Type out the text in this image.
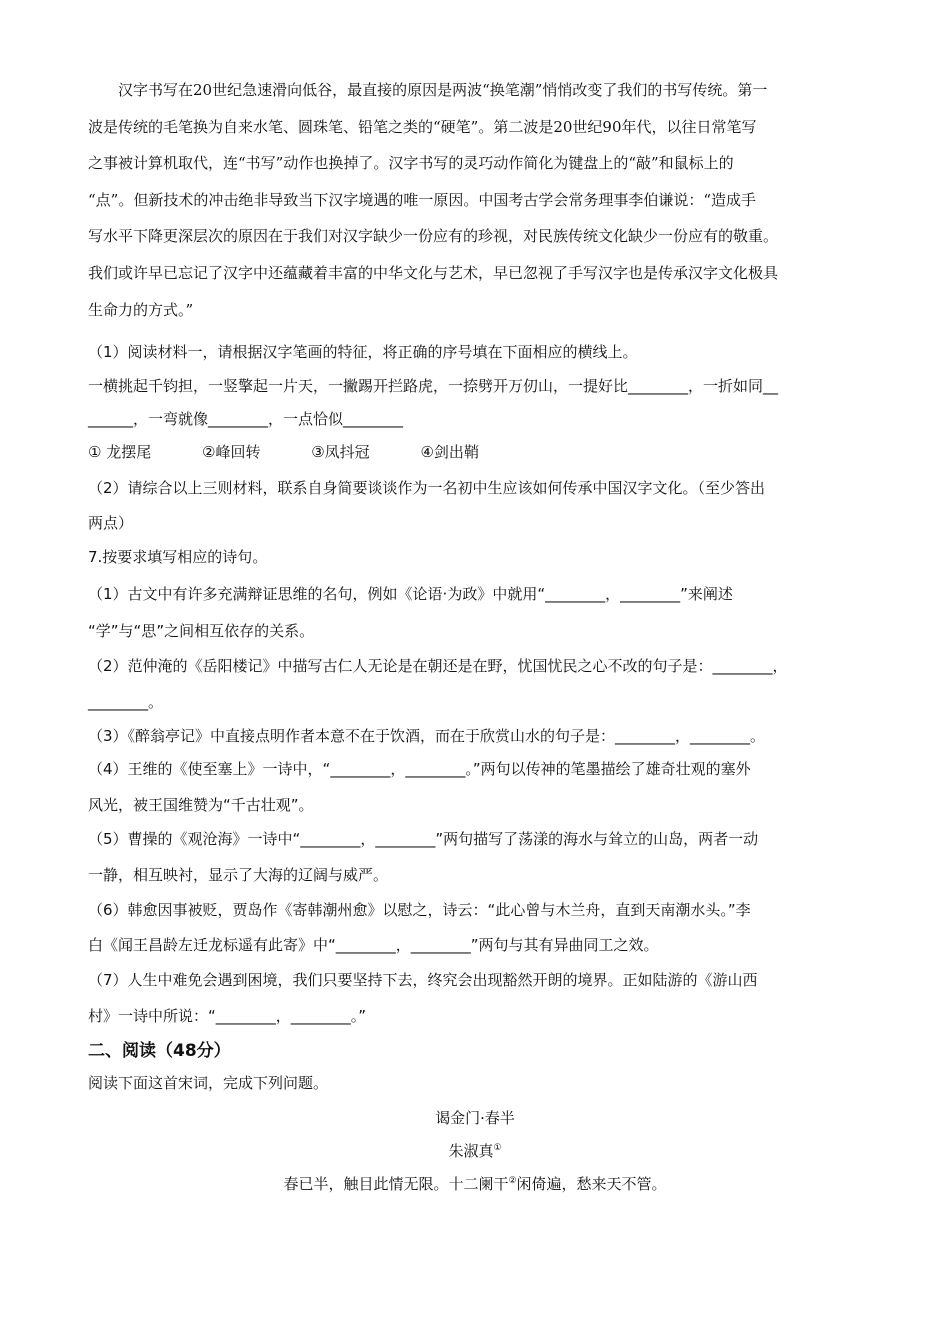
汉字书写在20世纪急速滑向低谷，最直接的原因是两波“换笔潮”悄悄改变了我们的书写传统。第一
波是传统的毛笔换为自来水笔、圆珠笔、铅笔之类的“硬笔”。第二波是20世纪90年代，以往日常笔写
之事被计算机取代，连“书写”动作也换掉了。汉字书写的灵巧动作简化为键盘上的“敲”和鼠标上的
“点”。但新技术的冲击绝非导致当下汉字境遇的唯一原因。中国考古学会常务理事李伯谦说：“造成手
写水平下降更深层次的原因在于我们对汉字缺少一份应有的珍视，对民族传统文化缺少一份应有的敬重。
我们或许早已忘记了汉字中还蕴藏着丰富的中华文化与艺术，早已忽视了手写汉字也是传承汉字文化极具
生命力的方式。”
（1）阅读材料一，请根据汉字笔画的特征，将正确的序号填在下面相应的横线上。
一横挑起千钧担，一竖擎起一片天，一撇踢开拦路虎，一捺劈开万仞山，一提好比________，一折如同__
______，一弯就像________，一点恰似________
① 龙摆尾	②峰回转	③凤抖冠	④剑出鞘
（2）请综合以上三则材料，联系自身简要谈谈作为一名初中生应该如何传承中国汉字文化。（至少答出
两点）
7.按要求填写相应的诗句。
（1）古文中有许多充满辩证思维的名句，例如《论语·为政》中就用“________，________”来阐述
“学”与“思”之间相互依存的关系。
（2）范仲淹的《岳阳楼记》中描写古仁人无论是在朝还是在野，忧国忧民之心不改的句子是：________，
________。
（3）《醉翁亭记》中直接点明作者本意不在于饮酒，而在于欣赏山水的句子是：________，________。
（4）王维的《使至塞上》一诗中，“________，________。”两句以传神的笔墨描绘了雄奇壮观的塞外
风光，被王国维赞为“千古壮观”。
（5）曹操的《观沧海》一诗中“________，________”两句描写了荡漾的海水与耸立的山岛，两者一动
一静，相互映衬，显示了大海的辽阔与威严。
（6）韩愈因事被贬，贾岛作《寄韩潮州愈》以慰之，诗云：“此心曾与木兰舟，直到天南潮水头。”李
白《闻王昌龄左迁龙标遥有此寄》中“________，________”两句与其有异曲同工之效。
（7）人生中难免会遇到困境，我们只要坚持下去，终究会出现豁然开朗的境界。正如陆游的《游山西
村》一诗中所说：“________，________。”
二、阅读（48分）
阅读下面这首宋词，完成下列问题。
谒金门·春半
朱淑真①
春已半，触目此情无限。十二阑干②闲倚遍，愁来天不管。
